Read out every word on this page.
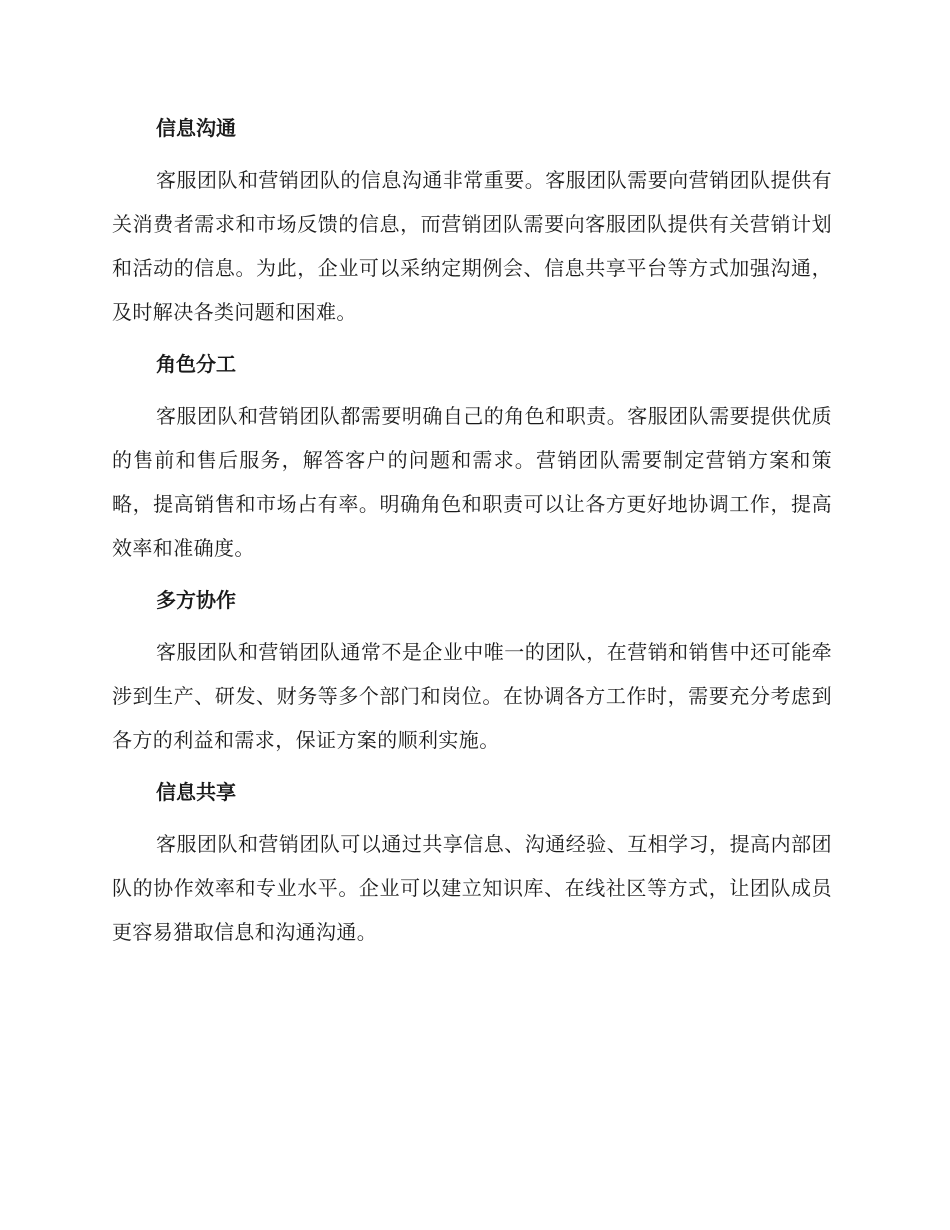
信息沟通

客服团队和营销团队的信息沟通非常重要。客服团队需要向营销团队提供有关消费者需求和市场反馈的信息，而营销团队需要向客服团队提供有关营销计划和活动的信息。为此，企业可以采纳定期例会、信息共享平台等方式加强沟通，及时解决各类问题和困难。

角色分工

客服团队和营销团队都需要明确自己的角色和职责。客服团队需要提供优质的售前和售后服务，解答客户的问题和需求。营销团队需要制定营销方案和策略，提高销售和市场占有率。明确角色和职责可以让各方更好地协调工作，提高效率和准确度。

多方协作

客服团队和营销团队通常不是企业中唯一的团队，在营销和销售中还可能牵涉到生产、研发、财务等多个部门和岗位。在协调各方工作时，需要充分考虑到各方的利益和需求，保证方案的顺利实施。

信息共享

客服团队和营销团队可以通过共享信息、沟通经验、互相学习，提高内部团队的协作效率和专业水平。企业可以建立知识库、在线社区等方式，让团队成员更容易猎取信息和沟通沟通。
